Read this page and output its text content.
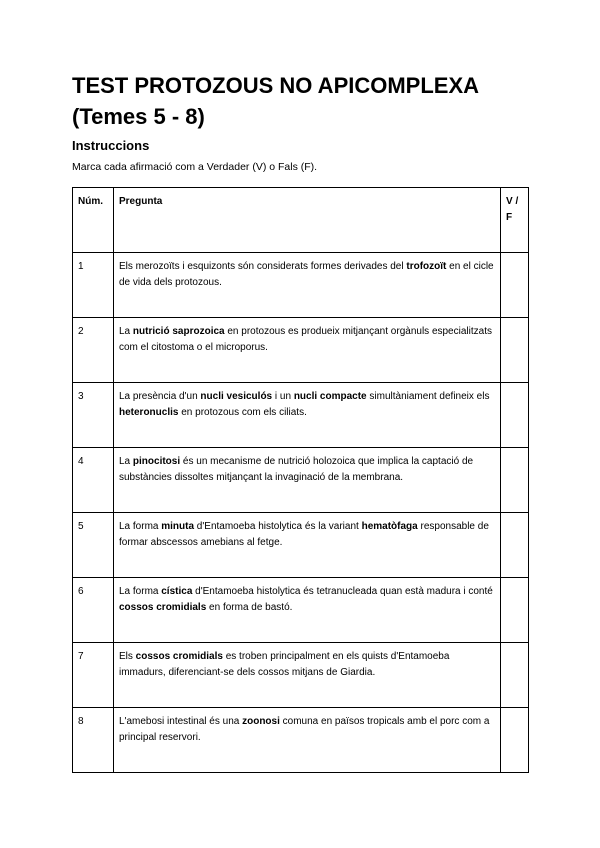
TEST PROTOZOUS NO APICOMPLEXA (Temes 5 - 8)
Instruccions

Marca cada afirmació com a Verdader (V) o Fals (F).

Núm.	Pregunta	V / F
1	Els merozoïts i esquizonts són considerats formes derivades del trofozoït en el cicle de vida dels protozous.	
2	La nutrició saprozoica en protozous es produeix mitjançant orgànuls especialitzats com el citostoma o el microporus.	
3	La presència d'un nucli vesiculós i un nucli compacte simultàniament defineix els heteronuclis en protozous com els ciliats.	
4	La pinocitosi és un mecanisme de nutrició holozoica que implica la captació de substàncies dissoltes mitjançant la invaginació de la membrana.	
5	La forma minuta d'Entamoeba histolytica és la variant hematòfaga responsable de formar abscessos amebians al fetge.	
6	La forma cística d'Entamoeba histolytica és tetranucleada quan està madura i conté cossos cromidials en forma de bastó.	
7	Els cossos cromidials es troben principalment en els quists d'Entamoeba immadurs, diferenciant-se dels cossos mitjans de Giardia.	
8	L'amebosi intestinal és una zoonosi comuna en països tropicals amb el porc com a principal reservori.	
